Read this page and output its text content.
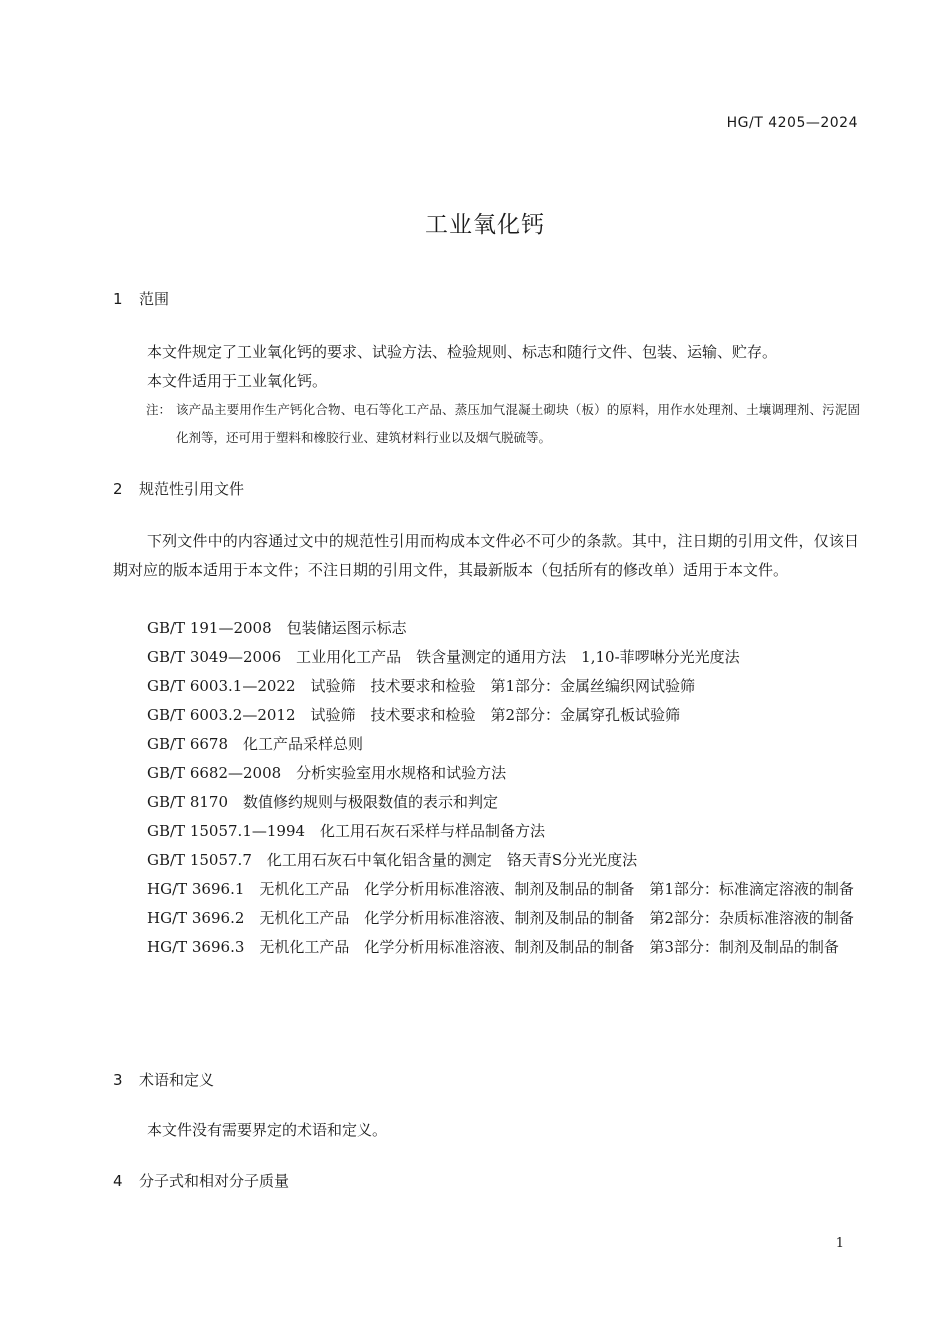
HG/T 4205—2024
工业氧化钙
1 范围

本文件规定了工业氧化钙的要求、试验方法、检验规则、标志和随行文件、包装、运输、贮存。

本文件适用于工业氧化钙。

注： 该产品主要用作生产钙化合物、电石等化工产品、蒸压加气混凝土砌块（板）的原料，用作水处理剂、土壤调理剂、污泥固化剂等，还可用于塑料和橡胶行业、建筑材料行业以及烟气脱硫等。
2 规范性引用文件

下列文件中的内容通过文中的规范性引用而构成本文件必不可少的条款。其中，注日期的引用文件，仅该日期对应的版本适用于本文件；不注日期的引用文件，其最新版本（包括所有的修改单）适用于本文件。

GB/T 191—2008　包装储运图示标志
GB/T 3049—2006　工业用化工产品　铁含量测定的通用方法　1,10-菲啰啉分光光度法
GB/T 6003.1—2022　试验筛　技术要求和检验　第1部分：金属丝编织网试验筛
GB/T 6003.2—2012　试验筛　技术要求和检验　第2部分：金属穿孔板试验筛
GB/T 6678　化工产品采样总则
GB/T 6682—2008　分析实验室用水规格和试验方法
GB/T 8170　数值修约规则与极限数值的表示和判定
GB/T 15057.1—1994　化工用石灰石采样与样品制备方法
GB/T 15057.7　化工用石灰石中氧化铝含量的测定　铬天青S分光光度法
HG/T 3696.1　无机化工产品　化学分析用标准溶液、制剂及制品的制备　第1部分：标准滴定溶液的制备
HG/T 3696.2　无机化工产品　化学分析用标准溶液、制剂及制品的制备　第2部分：杂质标准溶液的制备
HG/T 3696.3　无机化工产品　化学分析用标准溶液、制剂及制品的制备　第3部分：制剂及制品的制备
3 术语和定义

本文件没有需要界定的术语和定义。

4 分子式和相对分子质量
1
